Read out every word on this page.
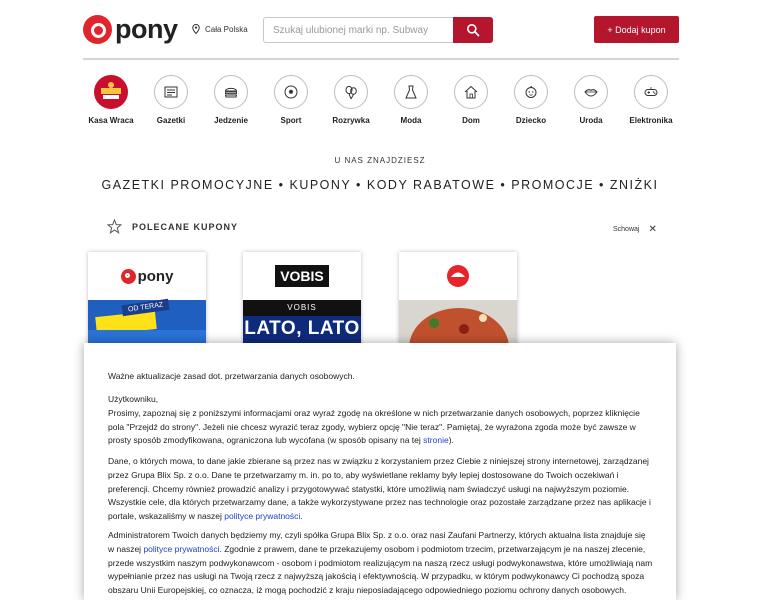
pony	Cała Polska
Szukaj ulubionej marki np. Subway	+ Dodaj kupon
Kasa Wraca	Gazetki	Jedzenie	Sport	Rozrywka	Moda	Dom	Dziecko	Uroda	Elektronika
U NAS ZNAJDZIESZ
GAZETKI PROMOCYJNE • KUPONY • KODY RABATOWE • PROMOCJE • ZNIŻKI
POLECANE KUPONY	Schowaj ✕
pony
OD TERAZ
VOBIS
VOBIS
LATO, LATO
Ważne aktualizacje zasad dot. przetwarzania danych osobowych.
Użytkowniku,
Prosimy, zapoznaj się z poniższymi informacjami oraz wyraź zgodę na określone w nich przetwarzanie danych osobowych, poprzez kliknięcie pola "Przejdź do strony". Jeżeli nie chcesz wyrazić teraz zgody, wybierz opcję "Nie teraz". Pamiętaj, że wyrażona zgoda może być zawsze w prosty sposób zmodyfikowana, ograniczona lub wycofana (w sposób opisany na tej stronie).
Dane, o których mowa, to dane jakie zbierane są przez nas w związku z korzystaniem przez Ciebie z niniejszej strony internetowej, zarządzanej przez Grupa Blix Sp. z o.o. Dane te przetwarzamy m. in. po to, aby wyświetlane reklamy były lepiej dostosowane do Twoich oczekiwań i preferencji. Chcemy również prowadzić analizy i przygotowywać statystki, które umożliwią nam świadczyć usługi na najwyższym poziomie. Wszystkie cele, dla których przetwarzamy dane, a także wykorzystywane przez nas technologie oraz pozostałe zarządzane przez nas aplikacje i portale, wskazaliśmy w naszej polityce prywatności.
Administratorem Twoich danych będziemy my, czyli spółka Grupa Blix Sp. z o.o. oraz nasi Zaufani Partnerzy, których aktualna lista znajduje się w naszej polityce prywatności. Zgodnie z prawem, dane te przekazujemy osobom i podmiotom trzecim, przetwarzającym je na naszej zlecenie, przede wszystkim naszym podwykonawcom - osobom i podmiotom realizującym na naszą rzecz usługi podwykonawstwa, które umożliwiają nam wypełnianie przez nas usługi na Twoją rzecz z najwyższą jakością i efektywnością. W przypadku, w którym podwykonawcy Ci pochodzą spoza obszaru Unii Europejskiej, co oznacza, iż mogą pochodzić z kraju nieposiadającego odpowiedniego poziomu ochrony danych osobowych.
